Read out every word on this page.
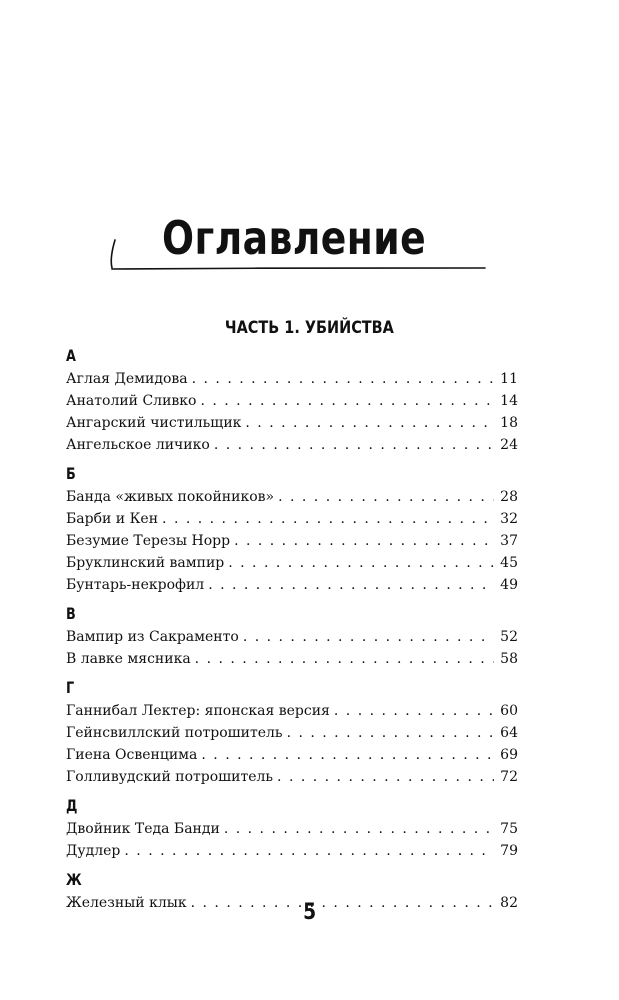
Оглавление
ЧАСТЬ 1. УБИЙСТВА
А
Аглая Демидова . . .	11
Анатолий Сливко . . .	14
Ангарский чистильщик . . .	18
Ангельское личико . . .	24
Б
Банда «живых покойников» . . .	28
Барби и Кен . . .	32
Безумие Терезы Норр . . .	37
Бруклинский вампир . . .	45
Бунтарь-некрофил . . .	49
В
Вампир из Сакраменто . . .	52
В лавке мясника . . .	58
Г
Ганнибал Лектер: японская версия . . .	60
Гейнсвиллский потрошитель . . .	64
Гиена Освенцима . . .	69
Голливудский потрошитель . . .	72
Д
Двойник Теда Банди . . .	75
Дудлер . . .	79
Ж
Железный клык . . .	82
5
